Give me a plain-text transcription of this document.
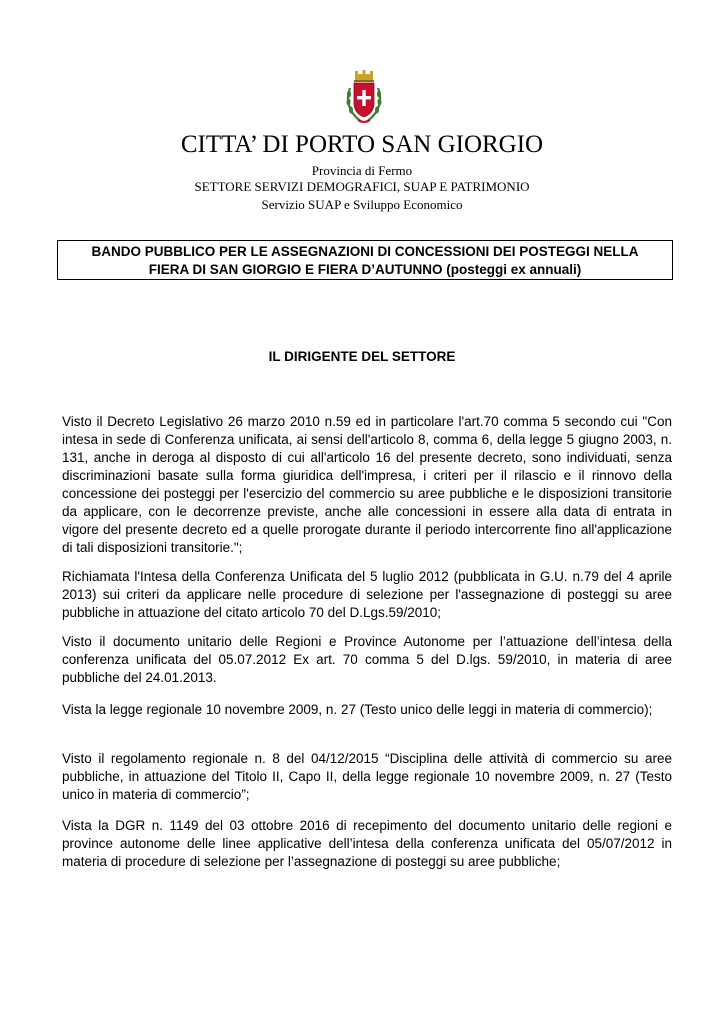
CITTA’ DI PORTO SAN GIORGIO
Provincia di Fermo
SETTORE SERVIZI DEMOGRAFICI, SUAP E PATRIMONIO
Servizio SUAP e Sviluppo Economico
BANDO PUBBLICO PER LE ASSEGNAZIONI DI CONCESSIONI DEI POSTEGGI NELLA
FIERA DI SAN GIORGIO E FIERA D’AUTUNNO (posteggi ex annuali)
IL DIRIGENTE DEL SETTORE

Visto il Decreto Legislativo 26 marzo 2010 n.59 ed in particolare l'art.70 comma 5 secondo cui "Con intesa in sede di Conferenza unificata, ai sensi dell'articolo 8, comma 6, della legge 5 giugno 2003, n. 131, anche in deroga al disposto di cui all'articolo 16 del presente decreto, sono individuati, senza discriminazioni basate sulla forma giuridica dell'impresa, i criteri per il rilascio e il rinnovo della concessione dei posteggi per l'esercizio del commercio su aree pubbliche e le disposizioni transitorie da applicare, con le decorrenze previste, anche alle concessioni in essere alla data di entrata in vigore del presente decreto ed a quelle prorogate durante il periodo intercorrente fino all'applicazione di tali disposizioni transitorie.";

Richiamata l'Intesa della Conferenza Unificata del 5 luglio 2012 (pubblicata in G.U. n.79 del 4 aprile 2013) sui criteri da applicare nelle procedure di selezione per l'assegnazione di posteggi su aree pubbliche in attuazione del citato articolo 70 del D.Lgs.59/2010;

Visto il documento unitario delle Regioni e Province Autonome per l’attuazione dell’intesa della conferenza unificata del 05.07.2012 Ex art. 70 comma 5 del D.lgs. 59/2010, in materia di aree pubbliche del 24.01.2013.

Vista la legge regionale 10 novembre 2009, n. 27 (Testo unico delle leggi in materia di commercio);

Visto il regolamento regionale n. 8 del 04/12/2015 “Disciplina delle attività di commercio su aree pubbliche, in attuazione del Titolo II, Capo II, della legge regionale 10 novembre 2009, n. 27 (Testo unico in materia di commercio”;

Vista la DGR n. 1149 del 03 ottobre 2016 di recepimento del documento unitario delle regioni e province autonome delle linee applicative dell’intesa della conferenza unificata del 05/07/2012 in materia di procedure di selezione per l’assegnazione di posteggi su aree pubbliche;
